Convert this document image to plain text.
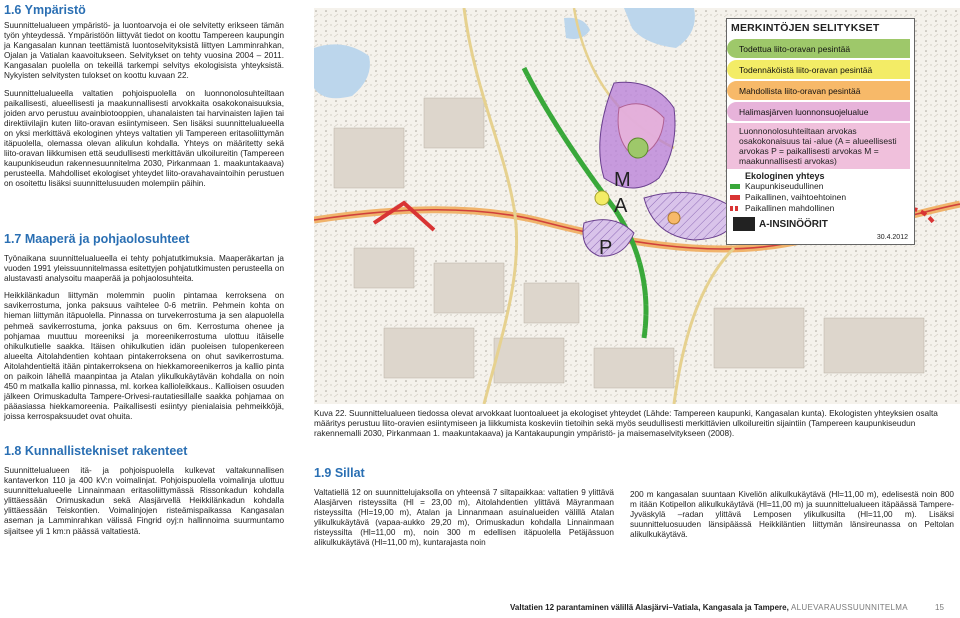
1.6 Ympäristö

Suunnittelualueen ympäristö- ja luontoarvoja ei ole selvitetty erikseen tämän työn yhteydessä. Ympäristöön liittyvät tiedot on koottu Tampereen kaupungin ja Kangasalan kunnan teettämistä luontoselvityksistä liittyen Lamminrahkan, Ojalan ja Vatialan kaavoitukseen. Selvitykset on tehty vuosina 2004 – 2011. Kangasalan puolella on tekeillä tarkempi selvitys ekologisista yhteyksistä. Nykyisten selvitysten tulokset on koottu kuvaan 22.

Suunnittelualueella valtatien pohjoispuolella on luonnonolosuhteiltaan paikallisesti, alueellisesti ja maakunnallisesti arvokkaita osakokonaisuuksia, joiden arvo perustuu avainbiotooppien, uhanalaisten tai harvinaisten lajien tai direktiivilajin kuten liito-oravan esiintymiseen. Sen lisäksi suunnittelualueella on yksi merkittävä ekologinen yhteys valtatien yli Tampereen eritasoliittymän itäpuolella, olemassa olevan alikulun kohdalla. Yhteys on määritetty sekä liito-oravan liikkumisen että seudullisesti merkittävän ulkoilureitin (Tampereen kaupunkiseudun rakennesuunnitelma 2030, Pirkanmaan 1. maakuntakaava) perusteella. Mahdolliset ekologiset yhteydet liito-oravahavaintoihin perustuen on osoitettu lisäksi suunnittelusuuden molempiin päihin.

1.7 Maaperä ja pohjaolosuhteet

Työnaikana suunnittelualueella ei tehty pohjatutkimuksia. Maaperäkartan ja vuoden 1991 yleissuunnitelmassa esitettyjen pohjatutkimusten perusteella on alustavasti analysoitu maaperää ja pohjaolosuhteita.

Heikkilänkadun liittymän molemmin puolin pintamaa kerroksena on savikerrostuma, jonka paksuus vaihtelee 0-6 metriin. Pehmein kohta on hieman liittymän itäpuolella. Pinnassa on turvekerrostuma ja sen alapuolella pehmeä savikerrostuma, jonka paksuus on 6m. Kerrostuma ohenee ja pohjamaa muuttuu moreeniksi ja moreenikerrostuma ulottuu itäiselle ohikulkutielle saakka. Itäisen ohikulkutien idän puoleisen tulopenkereen alueelta Aitolahdentien kohtaan pintakerroksena on ohut savikerrostuma. Aitolahdentieltä itään pintakerroksena on hiekkamoreenikerros ja kallio pinta on paikoin lähellä maanpintaa ja Atalan ylikulkukäytävän kohdalla on noin 450 m matkalla kallio pinnassa, ml. korkea kallioleikkaus.. Kallioisen osuuden jälkeen Orimuskadulta Tampere-Orivesi-rautatiesillalle saakka pohjamaa on pääasiassa hiekkamoreenia. Paikallisesti esiintyy pienialaisia pehmeikköjä, joissa kerrospaksuudet ovat ohuita.

1.8 Kunnallistekniset rakenteet

Suunnittelualueen itä- ja pohjoispuolella kulkevat valtakunnallisen kantaverkon 110 ja 400 kV:n voimalinjat. Pohjoispuolella voimalinja ulottuu suunnittelualueelle Linnainmaan eritasoliittymässä Rissonkadun kohdalla ylittäessään Orimuskadun sekä Alasjärvellä Heikkilänkadun kohdalla ylittäessään Teiskontien. Voimalinjojen risteämispaikassa Kangasalan aseman ja Lamminrahkan välissä Fingrid oyj:n hallinnoima suurmuntamo sijaitsee yli 1 km:n päässä valtatiestä.

M
A
P
MERKINTÖJEN SELITYKSET
Todettua liito-oravan pesintää
Todennäköistä liito-oravan pesintää
Mahdollista liito-oravan pesintää
Halimasjärven luonnonsuojelualue
Luonnonolosuhteiltaan arvokas osakokonaisuus tai -alue (A = alueellisesti arvokas P = paikallisesti arvokas M = maakunnallisesti arvokas)
Ekologinen yhteys
Kaupunkiseudullinen
Paikallinen, vaihtoehtoinen
Paikallinen mahdollinen
A-INSINÖÖRIT
30.4.2012
Kuva 22. Suunnittelualueen tiedossa olevat arvokkaat luontoalueet ja ekologiset yhteydet (Lähde: Tampereen kaupunki, Kangasalan kunta). Ekologisten yhteyksien osalta määritys perustuu liito-oravien esiintymiseen ja liikkumista koskeviin tietoihin sekä myös seudullisesti merkittävien ulkoilureitin sijaintiin (Tampereen kaupunkiseudun rakennemalli 2030, Pirkanmaan 1. maakuntakaava) ja Kantakaupungin ympäristö- ja maisemaselvitykseen (2008).
1.9 Sillat

Valtatiellä 12 on suunnittelujaksolla on yhteensä 7 siltapaikkaa: valtatien 9 ylittävä Alasjärven risteyssilta (Hl = 23,00 m), Aitolahdentien ylittävä Mäyranmaan risteyssilta (Hl=19,00 m), Atalan ja Linnanmaan asuinalueiden välillä Atalan ylikulkukäytävä (vapaa-aukko 29,20 m), Orimuskadun kohdalla Linnainmaan risteyssilta (Hl=11,00 m), noin 300 m edellisen itäpuolella Petäjässuon alikulkukäytävä (Hl=11,00 m), kuntarajasta noin

200 m kangasalan suuntaan Kiveliön alikulkukäytävä (Hl=11,00 m), edelisestä noin 800 m itään Kotipellon alikulkukäytävä (Hl=11,00 m) ja suunnittelualueen itäpäässä Tampere-Jyväskylä –radan ylittävä Lemposen ylikulkusilta (Hl=11,00 m). Lisäksi suunnitteluosuuden länsipäässä Heikkiläntien liittymän länsireunassa on Peltolan alikulkukäytävä.

Valtatien 12 parantaminen välillä Alasjärvi–Vatiala, Kangasala ja Tampere, ALUEVARAUSSUUNNITELMA	15
